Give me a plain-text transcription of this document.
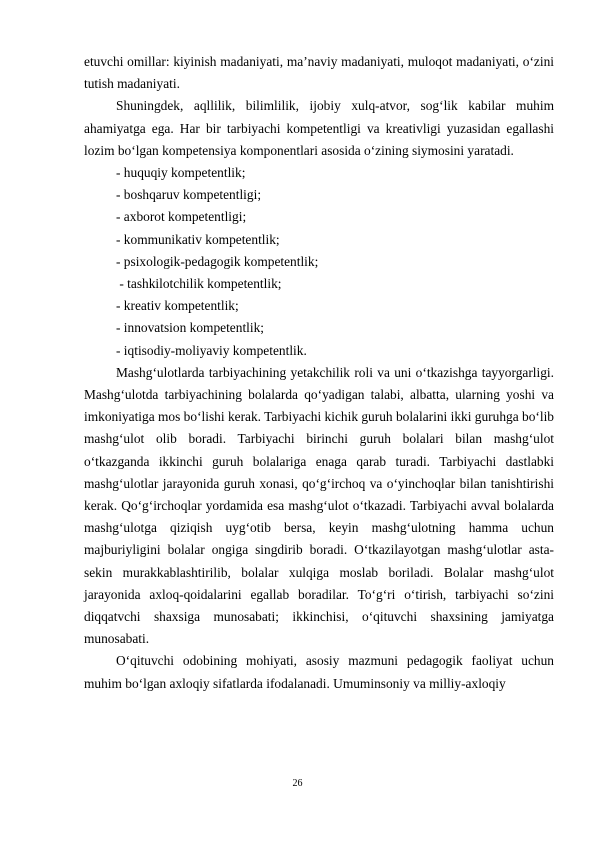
etuvchi omillar: kiyinish madaniyati, ma’naviy madaniyati, muloqot madaniyati, o‘zini tutish madaniyati.

Shuningdek, aqllilik, bilimlilik, ijobiy xulq-atvor, sog‘lik kabilar muhim ahamiyatga ega. Har bir tarbiyachi kompetentligi va kreativligi yuzasidan egallashi lozim bo‘lgan kompetensiya komponentlari asosida o‘zining siymosini yaratadi.

- huquqiy kompetentlik;

- boshqaruv kompetentligi;

- axborot kompetentligi;

- kommunikativ kompetentlik;

- psixologik-pedagogik kompetentlik;

- tashkilotchilik kompetentlik;

- kreativ kompetentlik;

- innovatsion kompetentlik;

- iqtisodiy-moliyaviy kompetentlik.

Mashg‘ulotlarda tarbiyachining yetakchilik roli va uni o‘tkazishga tayyorgarligi. Mashg‘ulotda tarbiyachining bolalarda qo‘yadigan talabi, albatta, ularning yoshi va imkoniyatiga mos bo‘lishi kerak. Tarbiyachi kichik guruh bolalarini ikki guruhga bo‘lib mashg‘ulot olib boradi. Tarbiyachi birinchi guruh bolalari bilan mashg‘ulot o‘tkazganda ikkinchi guruh bolalariga enaga qarab turadi. Tarbiyachi dastlabki mashg‘ulotlar jarayonida guruh xonasi, qo‘g‘irchoq va o‘yinchoqlar bilan tanishtirishi kerak. Qo‘g‘irchoqlar yordamida esa mashg‘ulot o‘tkazadi. Tarbiyachi avval bolalarda mashg‘ulotga qiziqish uyg‘otib bersa, keyin mashg‘ulotning hamma uchun majburiyligini bolalar ongiga singdirib boradi. O‘tkazilayotgan mashg‘ulotlar asta-sekin murakkablashtirilib, bolalar xulqiga moslab boriladi. Bolalar mashg‘ulot jarayonida axloq-qoidalarini egallab boradilar. To‘g‘ri o‘tirish, tarbiyachi so‘zini diqqatvchi shaxsiga munosabati; ikkinchisi, o‘qituvchi shaxsining jamiyatga munosabati.

O‘qituvchi odobining mohiyati, asosiy mazmuni pedagogik faoliyat uchun muhim bo‘lgan axloqiy sifatlarda ifodalanadi. Umuminsoniy va milliy-axloqiy

26
